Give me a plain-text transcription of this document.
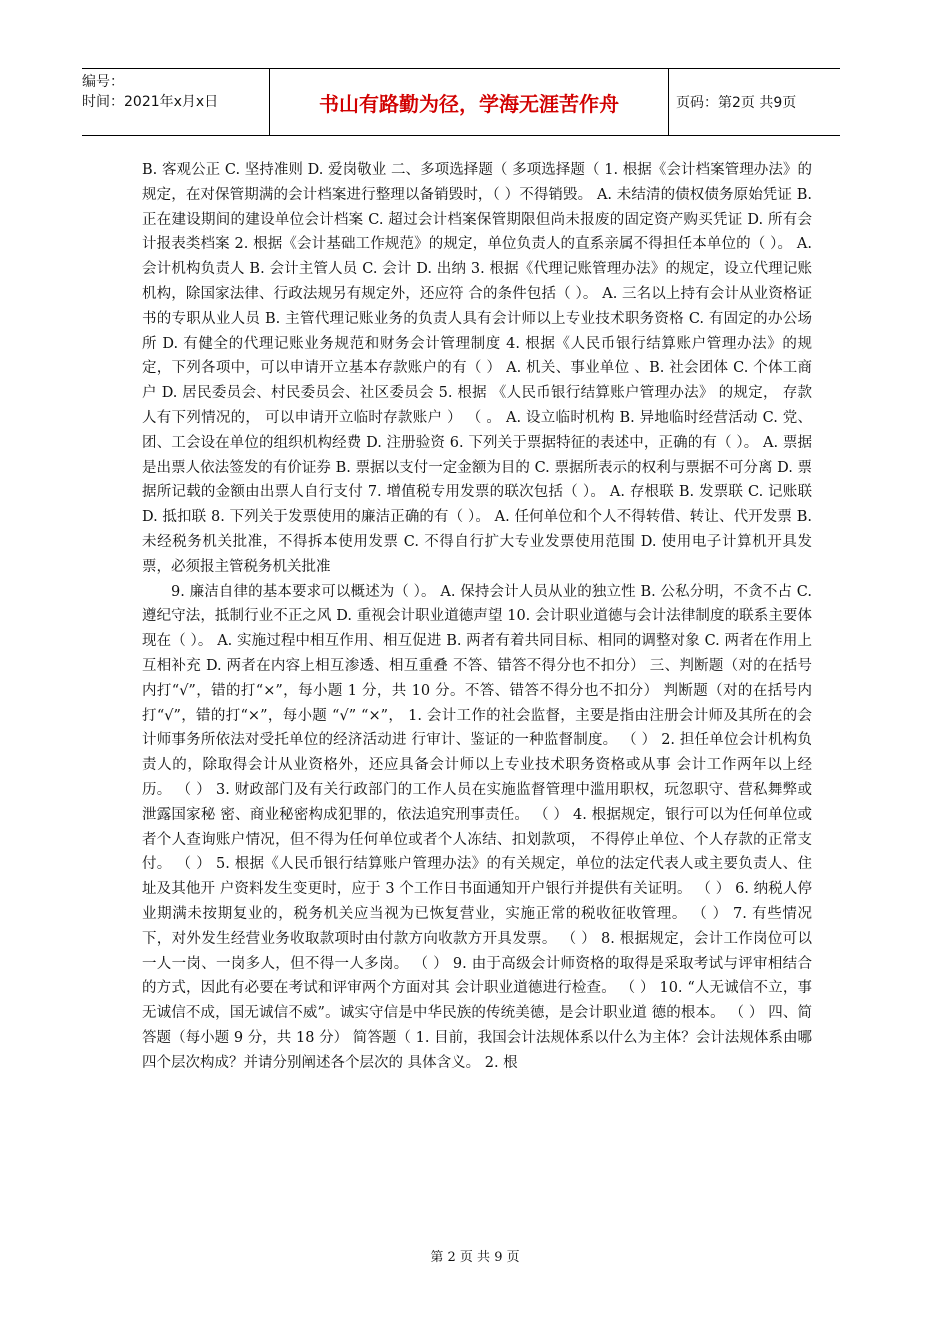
编号：
时间：2021年x月x日	书山有路勤为径，学海无涯苦作舟	页码：第2页 共9页

B. 客观公正 C. 坚持准则 D. 爱岗敬业 二、多项选择题（ 多项选择题（ 1. 根据《会计档案管理办法》的规定，在对保管期满的会计档案进行整理以备销毁时，（ ）不得销毁。 A. 未结清的债权债务原始凭证 B. 正在建设期间的建设单位会计档案 C. 超过会计档案保管期限但尚未报废的固定资产购买凭证 D. 所有会计报表类档案 2. 根据《会计基础工作规范》的规定，单位负责人的直系亲属不得担任本单位的（ ）。 A. 会计机构负责人 B. 会计主管人员 C. 会计 D. 出纳 3. 根据《代理记账管理办法》的规定，设立代理记账机构，除国家法律、行政法规另有规定外，还应符 合的条件包括（ ）。 A. 三名以上持有会计从业资格证书的专职从业人员 B. 主管代理记账业务的负责人具有会计师以上专业技术职务资格 C. 有固定的办公场所 D. 有健全的代理记账业务规范和财务会计管理制度 4. 根据《人民币银行结算账户管理办法》的规定，下列各项中，可以申请开立基本存款账户的有（ ） A. 机关、事业单位 、B. 社会团体 C. 个体工商户 D. 居民委员会、村民委员会、社区委员会 5. 根据 《人民币银行结算账户管理办法》 的规定， 存款人有下列情况的， 可以申请开立临时存款账户 ） （ 。 A. 设立临时机构 B. 异地临时经营活动 C. 党、团、工会设在单位的组织机构经费 D. 注册验资 6. 下列关于票据特征的表述中，正确的有（ ）。 A. 票据是出票人依法签发的有价证券 B. 票据以支付一定金额为目的 C. 票据所表示的权利与票据不可分离 D. 票据所记载的金额由出票人自行支付 7. 增值税专用发票的联次包括（ ）。 A. 存根联 B. 发票联 C. 记账联 D. 抵扣联 8. 下列关于发票使用的廉洁正确的有（ ）。 A. 任何单位和个人不得转借、转让、代开发票 B. 未经税务机关批准，不得拆本使用发票 C. 不得自行扩大专业发票使用范围 D. 使用电子计算机开具发票，必须报主管税务机关批准

9. 廉洁自律的基本要求可以概述为（ ）。 A. 保持会计人员从业的独立性 B. 公私分明，不贪不占 C. 遵纪守法，抵制行业不正之风 D. 重视会计职业道德声望 10. 会计职业道德与会计法律制度的联系主要体现在（ ）。 A. 实施过程中相互作用、相互促进 B. 两者有着共同目标、相同的调整对象 C. 两者在作用上互相补充 D. 两者在内容上相互渗透、相互重叠 不答、错答不得分也不扣分） 三、判断题（对的在括号内打“√”，错的打“×”，每小题 1 分，共 10 分。不答、错答不得分也不扣分） 判断题（对的在括号内打“√”，错的打“×”，每小题 “√” “×”， 1. 会计工作的社会监督，主要是指由注册会计师及其所在的会计师事务所依法对受托单位的经济活动进 行审计、鉴证的一种监督制度。 （ ） 2. 担任单位会计机构负责人的，除取得会计从业资格外，还应具备会计师以上专业技术职务资格或从事 会计工作两年以上经历。 （ ） 3. 财政部门及有关行政部门的工作人员在实施监督管理中滥用职权，玩忽职守、营私舞弊或泄露国家秘 密、商业秘密构成犯罪的，依法追究刑事责任。 （ ） 4. 根据规定，银行可以为任何单位或者个人查询账户情况，但不得为任何单位或者个人冻结、扣划款项， 不得停止单位、个人存款的正常支付。 （ ） 5. 根据《人民币银行结算账户管理办法》的有关规定，单位的法定代表人或主要负责人、住址及其他开 户资料发生变更时，应于 3 个工作日书面通知开户银行并提供有关证明。 （ ） 6. 纳税人停业期满未按期复业的，税务机关应当视为已恢复营业，实施正常的税收征收管理。 （ ） 7. 有些情况下，对外发生经营业务收取款项时由付款方向收款方开具发票。 （ ） 8. 根据规定，会计工作岗位可以一人一岗、一岗多人，但不得一人多岗。 （ ） 9. 由于高级会计师资格的取得是采取考试与评审相结合的方式，因此有必要在考试和评审两个方面对其 会计职业道德进行检查。 （ ） 10. “人无诚信不立，事无诚信不成，国无诚信不威”。诚实守信是中华民族的传统美德，是会计职业道 德的根本。 （ ） 四、简答题（每小题 9 分，共 18 分） 简答题（ 1. 目前，我国会计法规体系以什么为主体？会计法规体系由哪四个层次构成？并请分别阐述各个层次的 具体含义。 2. 根

第 2 页 共 9 页
